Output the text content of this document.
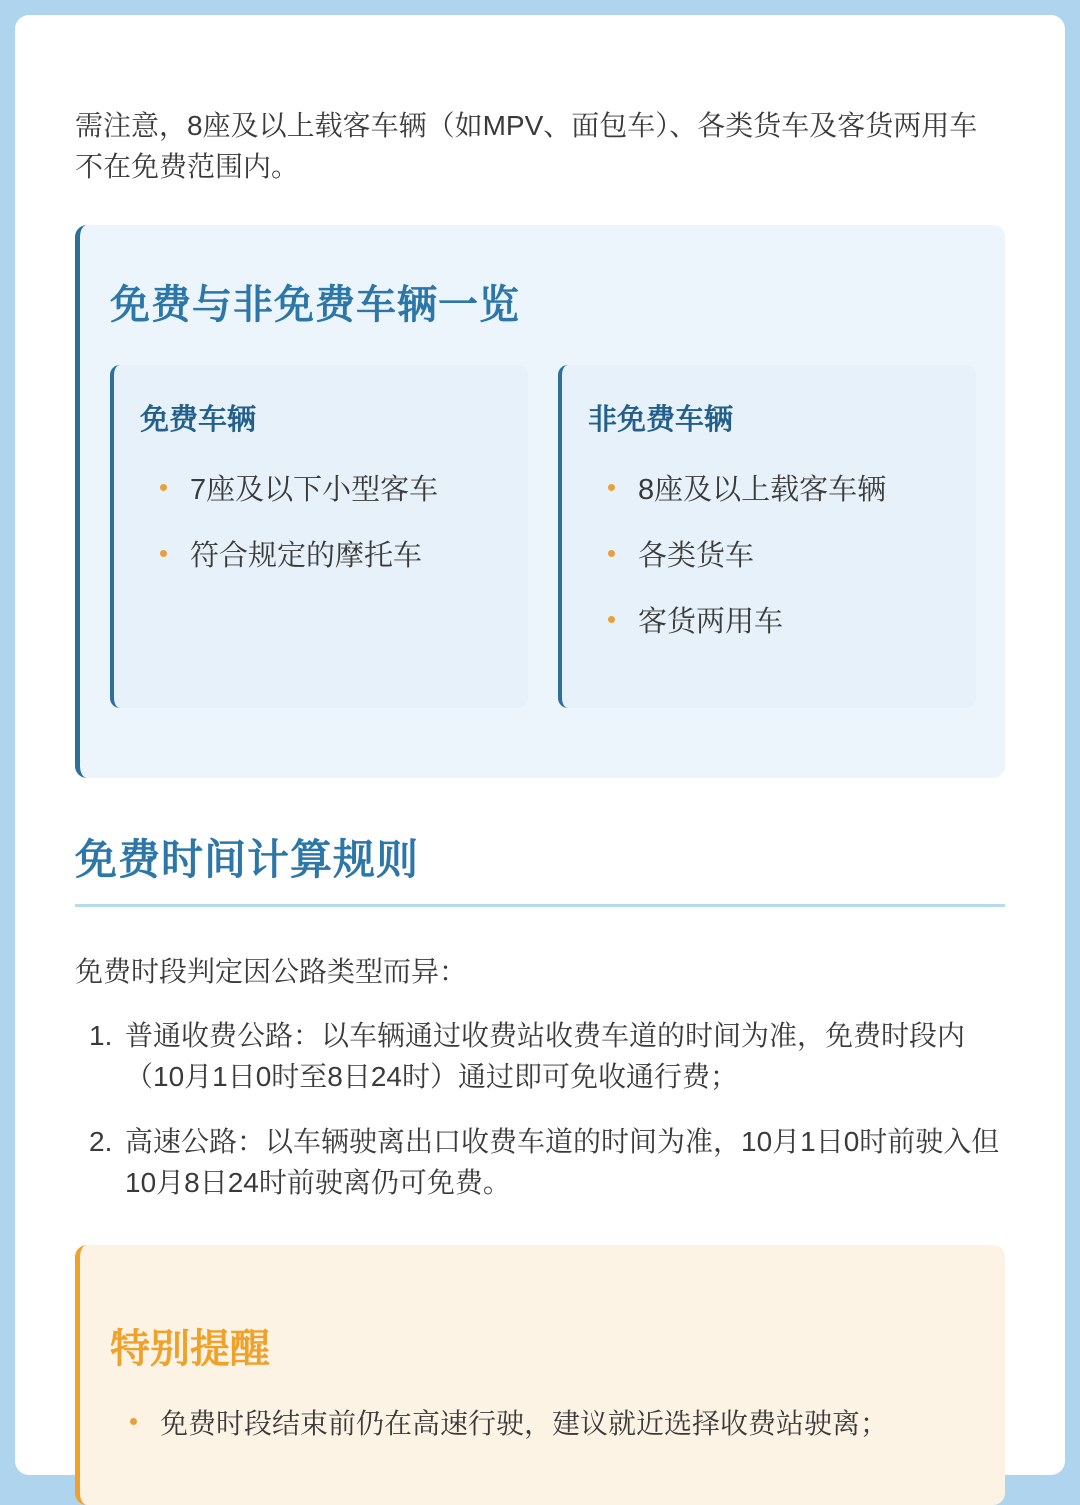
需注意，8座及以上载客车辆（如MPV、面包车）、各类货车及客货两用车不在免费范围内。

免费与非免费车辆一览
免费车辆
7座及以下小型客车
符合规定的摩托车
非免费车辆
8座及以上载客车辆
各类货车
客货两用车
免费时间计算规则

免费时段判定因公路类型而异：

1. 普通收费公路：以车辆通过收费站收费车道的时间为准，免费时段内（10月1日0时至8日24时）通过即可免收通行费；
2. 高速公路：以车辆驶离出口收费车道的时间为准，10月1日0时前驶入但10月8日24时前驶离仍可免费。
特别提醒
免费时段结束前仍在高速行驶，建议就近选择收费站驶离；
